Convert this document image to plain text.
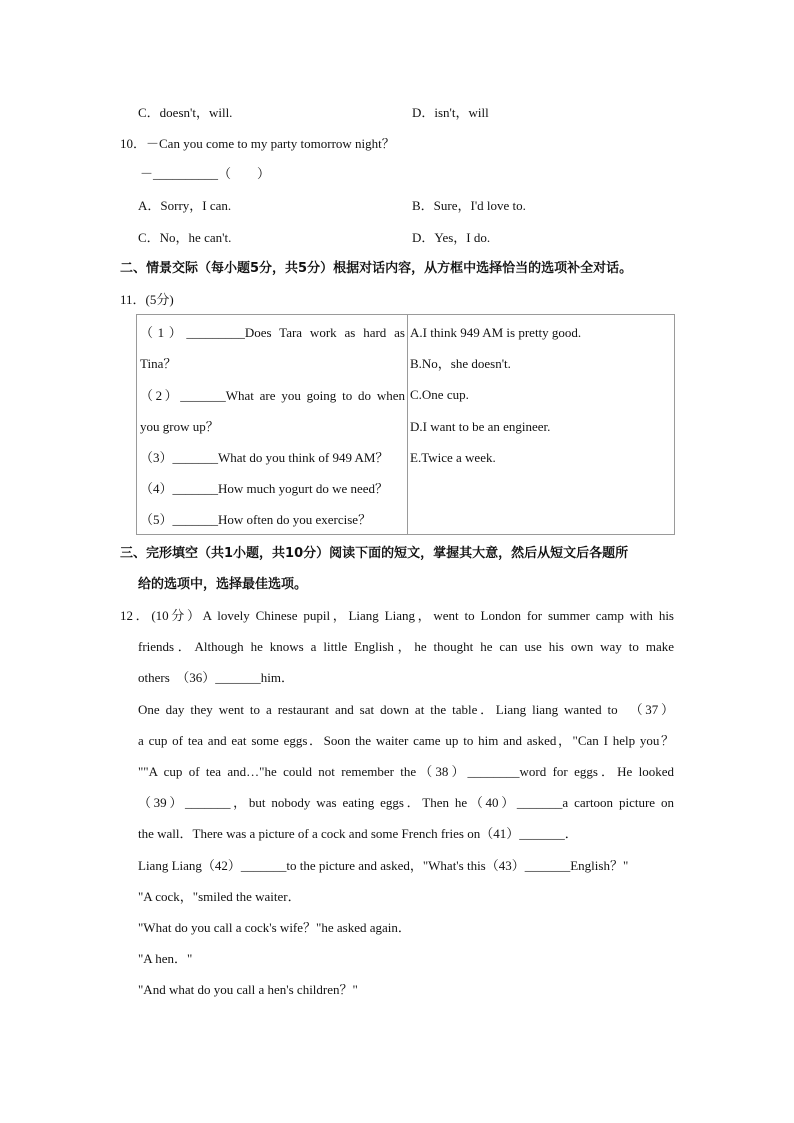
C．doesn't，will.	D．isn't，will
10．－Can you come to my party tomorrow night？
－__________（　　）
A．Sorry，I can.	B．Sure，I'd love to.
C．No，he can't.	D．Yes，I do.
二、情景交际（每小题5分，共5分）根据对话内容，从方框中选择恰当的选项补全对话。
11．(5分)
（1）_________Does Tara work as hard as
Tina？
（2）_______What are you going to do when
you grow up？
（3）_______What do you think of 949 AM？
（4）_______How much yogurt do we need？
（5）_______How often do you exercise？
A.I think 949 AM is pretty good.
B.No，she doesn't.
C.One cup.
D.I want to be an engineer.
E.Twice a week.
三、完形填空（共1小题，共10分）阅读下面的短文，掌握其大意，然后从短文后各题所
给的选项中，选择最佳选项。
12．(10分）A lovely Chinese pupil，Liang Liang，went to London for summer camp with his
friends．Although he knows a little English，he thought he can use his own way to make
others　（36）_______him．
One day they went to a restaurant and sat down at the table．Liang liang wanted to　（37）
a cup of tea and eat some eggs．Soon the waiter came up to him and asked，"Can I help you？
""A cup of tea and…"he could not remember the（38）________word for eggs．He looked
（39）_______，but nobody was eating eggs．Then he（40）_______a cartoon picture on
the wall．There was a picture of a cock and some French fries on（41）_______．
Liang Liang（42）_______to the picture and asked，"What's this（43）_______English？"
"A cock，"smiled the waiter．
"What do you call a cock's wife？"he asked again．
"A hen．"
"And what do you call a hen's children？"
